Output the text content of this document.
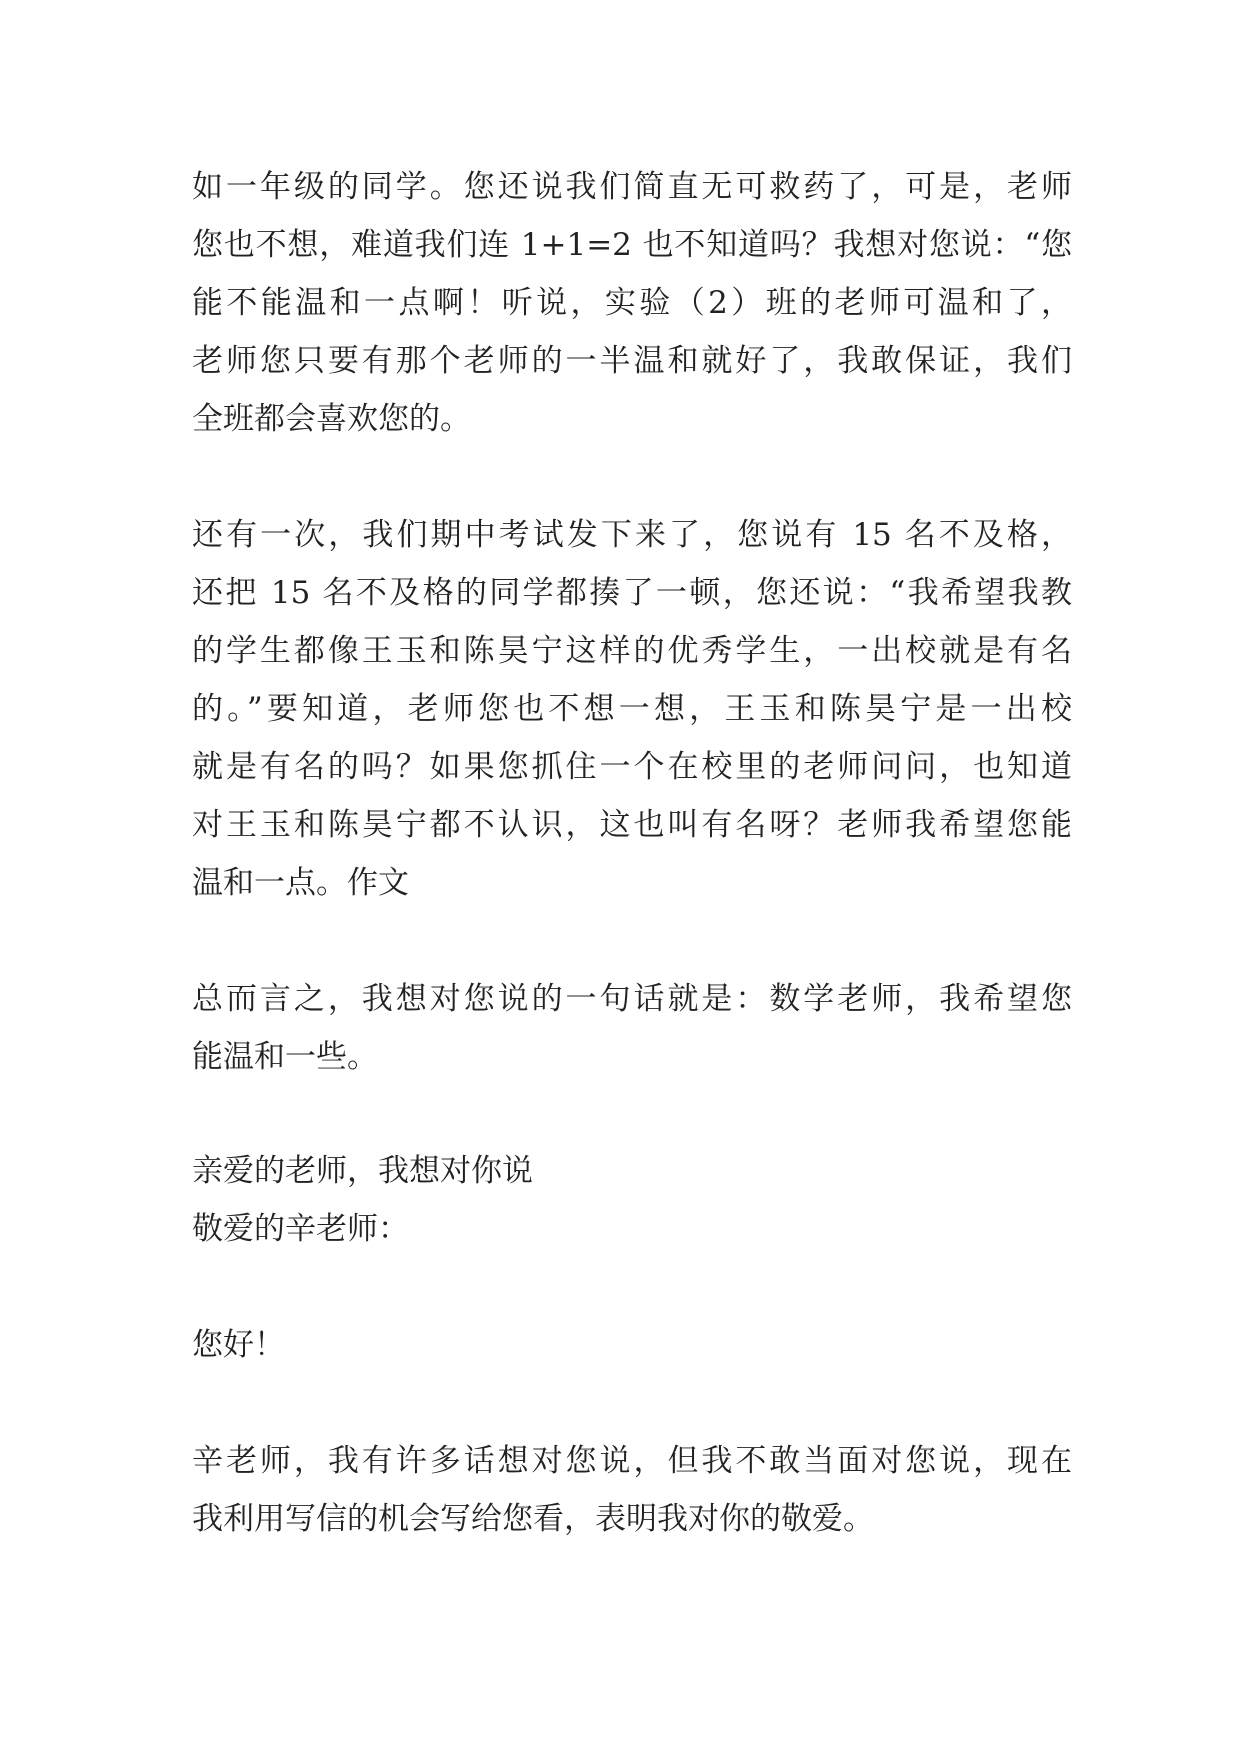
如一年级的同学。您还说我们简直无可救药了，可是，老师

您也不想，难道我们连 1+1=2 也不知道吗？我想对您说：“您

能不能温和一点啊！听说，实验（2）班的老师可温和了，

老师您只要有那个老师的一半温和就好了，我敢保证，我们

全班都会喜欢您的。

还有一次，我们期中考试发下来了，您说有 15 名不及格，

还把 15 名不及格的同学都揍了一顿，您还说：“我希望我教

的学生都像王玉和陈昊宁这样的优秀学生，一出校就是有名

的。”要知道，老师您也不想一想，王玉和陈昊宁是一出校

就是有名的吗？如果您抓住一个在校里的老师问问，也知道

对王玉和陈昊宁都不认识，这也叫有名呀？老师我希望您能

温和一点。作文

总而言之，我想对您说的一句话就是：数学老师，我希望您

能温和一些。

亲爱的老师，我想对你说

敬爱的辛老师：

您好！

辛老师，我有许多话想对您说，但我不敢当面对您说，现在

我利用写信的机会写给您看，表明我对你的敬爱。
